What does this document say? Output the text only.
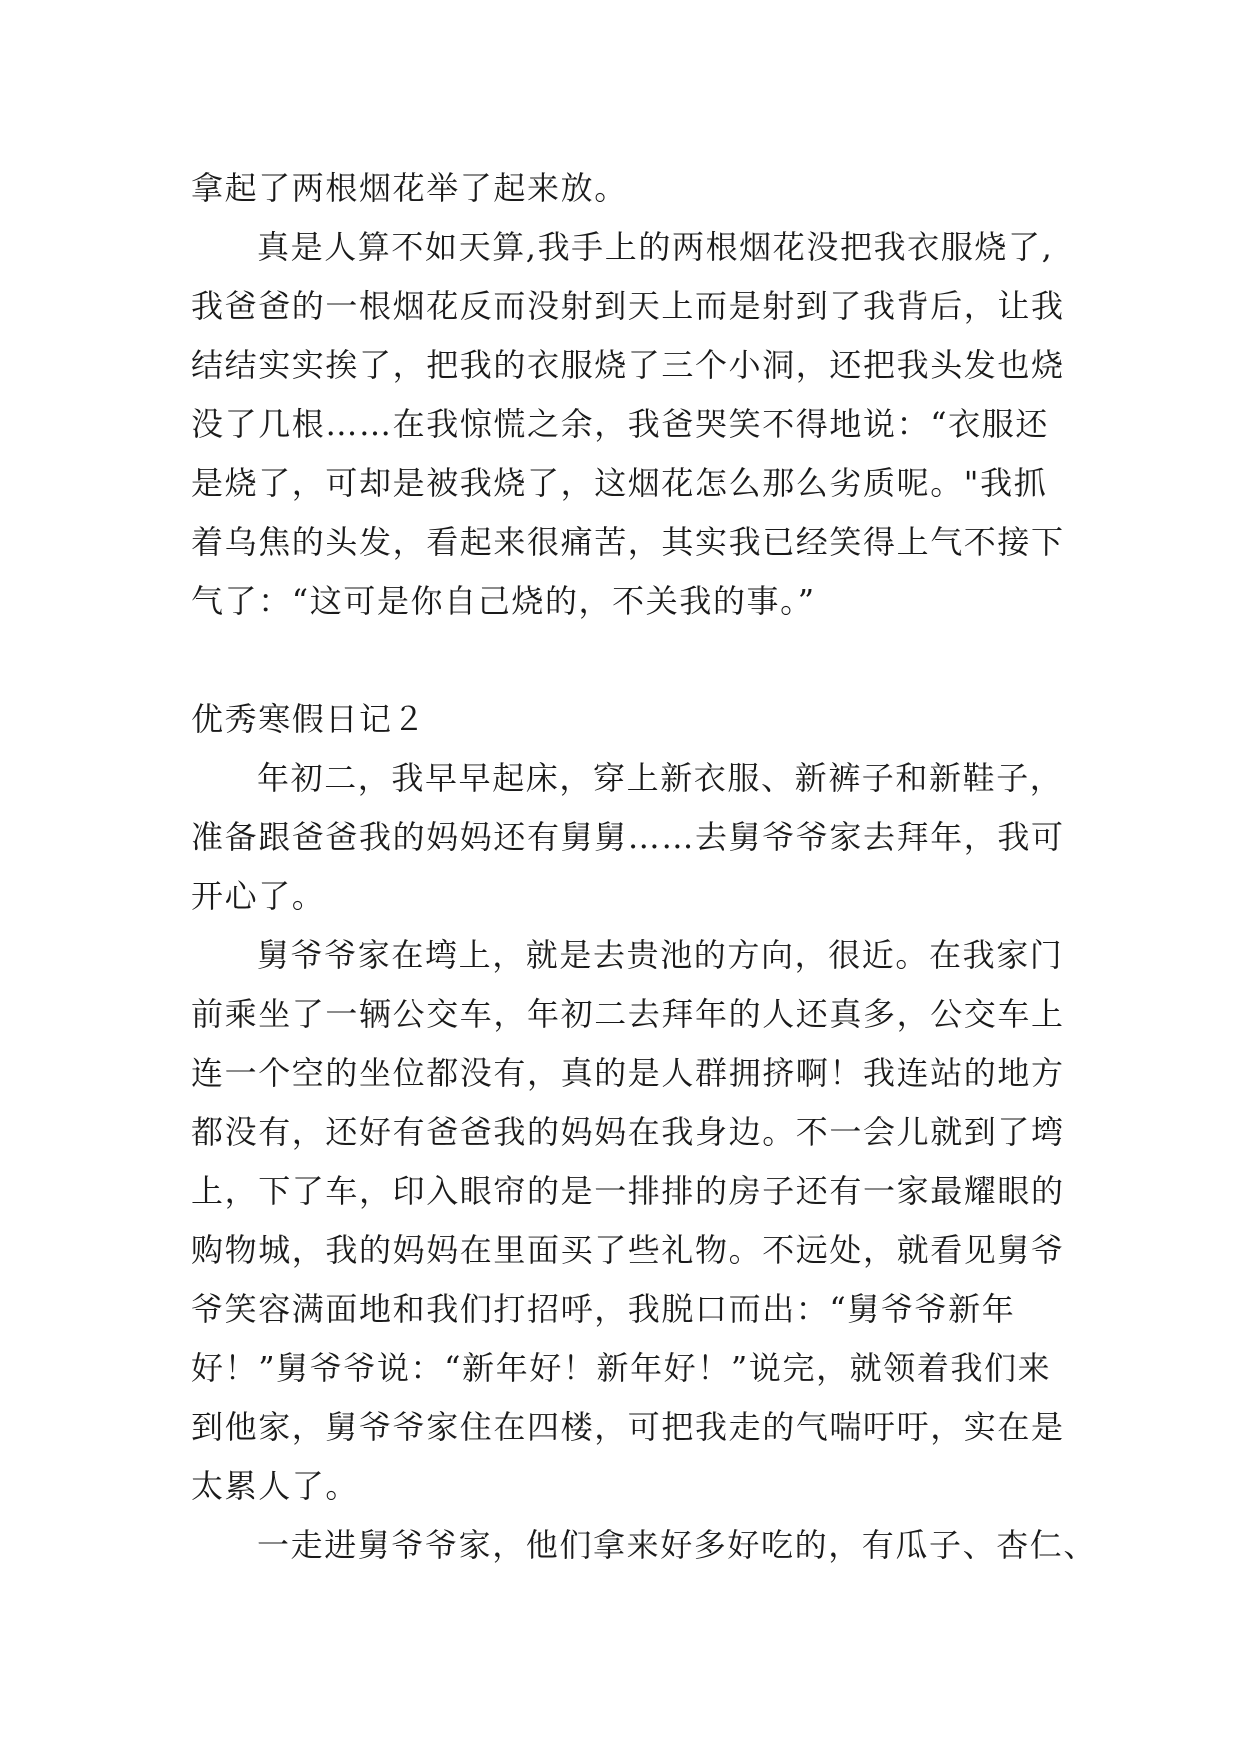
拿起了两根烟花举了起来放。
真是人算不如天算,我手上的两根烟花没把我衣服烧了,
我爸爸的一根烟花反而没射到天上而是射到了我背后，让我
结结实实挨了，把我的衣服烧了三个小洞，还把我头发也烧
没了几根……在我惊慌之余，我爸哭笑不得地说：“衣服还
是烧了，可却是被我烧了，这烟花怎么那么劣质呢。"我抓
着乌焦的头发，看起来很痛苦，其实我已经笑得上气不接下
气了：“这可是你自己烧的，不关我的事。”
优秀寒假日记２
年初二，我早早起床，穿上新衣服、新裤子和新鞋子，
准备跟爸爸我的妈妈还有舅舅……去舅爷爷家去拜年，我可
开心了。
舅爷爷家在塆上，就是去贵池的方向，很近。在我家门
前乘坐了一辆公交车，年初二去拜年的人还真多，公交车上
连一个空的坐位都没有，真的是人群拥挤啊！我连站的地方
都没有，还好有爸爸我的妈妈在我身边。不一会儿就到了塆
上，下了车，印入眼帘的是一排排的房子还有一家最耀眼的
购物城，我的妈妈在里面买了些礼物。不远处，就看见舅爷
爷笑容满面地和我们打招呼，我脱口而出：“舅爷爷新年
好！”舅爷爷说：“新年好！新年好！”说完，就领着我们来
到他家，舅爷爷家住在四楼，可把我走的气喘吁吁，实在是
太累人了。
一走进舅爷爷家，他们拿来好多好吃的，有瓜子、杏仁、
